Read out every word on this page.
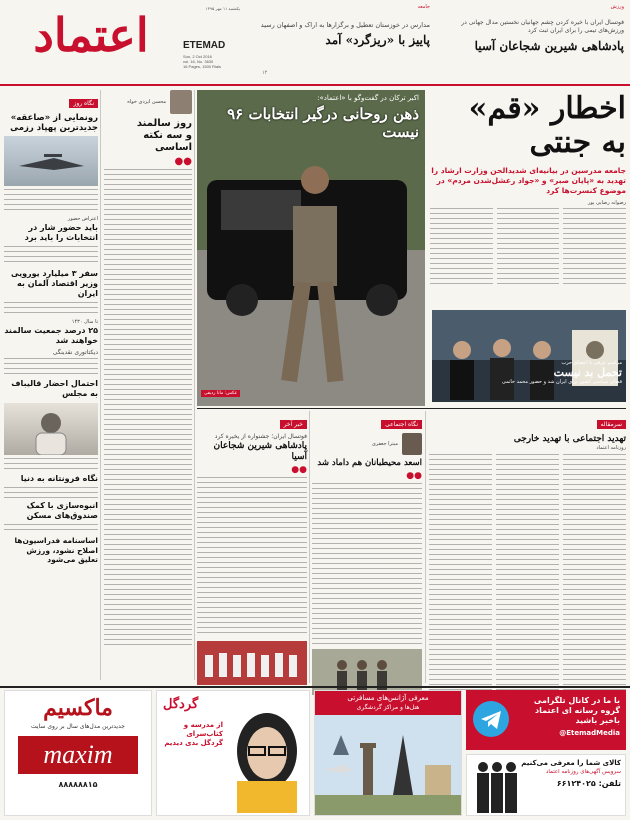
اعتماد	یکشنبه ۱۱ مهر ۱۳۹۵
ETEMAD
Sun, 2 Oct 2016
vol. 16, No. 3630
16 Pages, 1500 Rials
جامعه
مدارس در خوزستان تعطیل و برگزارها به اراک و اصفهان رسید
پاییز با «ریزگرد» آمد
۱۴
ورزش
فوتسال ایران با خیره کردن چشم جهانیان نخستین مدال جهانی در ورزش‌های تیمی را برای ایران ثبت کرد
پادشاهی شیرین شجاعان آسیا
نگاه روز
رونمایی از «صاعقه» جدیدترین پهپاد رزمی
اعتراض حضور
باید حضور شار در انتخابات را باید برد
سفر ۳ میلیارد یورویی وزیر اقتصاد آلمان به ایران
تا سال ۱۴۳۰
۲۵ درصد جمعیت سالمند خواهند شد
دیکتاتوری نقدینگی
احتمال احضار قالیباف به مجلس
نگاه فرونتانه به دنیا
انبوه‌سازی با کمک صندوق‌های مسکن
اساسنامه فدراسیون‌ها اصلاح نشود، ورزش تعلیق می‌شود
محسن ایزدی خواه
روز سالمند
و سه نکته اساسی
●●
اکبر ترکان در گفت‌وگو با «اعتماد»:
ذهن روحانی درگیر انتخابات ۹۶ نیست
عکس: مانا ردیفی
اخطار «قم»
به جنتی
جامعه مدرسین در بیانیه‌ای شدیدالحن وزارت ارشاد را تهدید به «پایان صبر» و «جواد رعشل‌شدن مردم» در موضوع کنسرت‌ها کرد
رضوانه رضایی پور
مراسم عرفی با اعضای حزب
تحمل بد نیست
فضای سیاسی کشور برای ایران شد و حضور محمد خاتمی
خبر آخر
فوتسال ایران؛ جشنواره از یخیره کرد
پادشاهی شیرین شجاعان آسیا
●●
نگاه اجتماعی
میترا جعفری
اسعد محیطبانان هم داماد شد
●●
سرمقاله
تهدید اجتماعی با تهدید خارجی
روزنامه اعتماد
ماکسیم
جدیدترین مدل‌های سال بر روی سایت
maxim
۸۸۸۸۸۸۱۵
گردگل
از مدرسه و کتاب‌سرای گردگل بدی دیدیم
معرفی آژانس‌های مسافرتی
هتل‌ها و مراکز گردشگری
با ما در کانال تلگرامی
گروه رسانه ای اعتماد
باخبر باشید
@EtemadMedia
کالای شما را معرفی می‌کنیم
سرویس آگهی‌های روزنامه اعتماد
تلفن: ۶۶۱۲۴۰۲۵
